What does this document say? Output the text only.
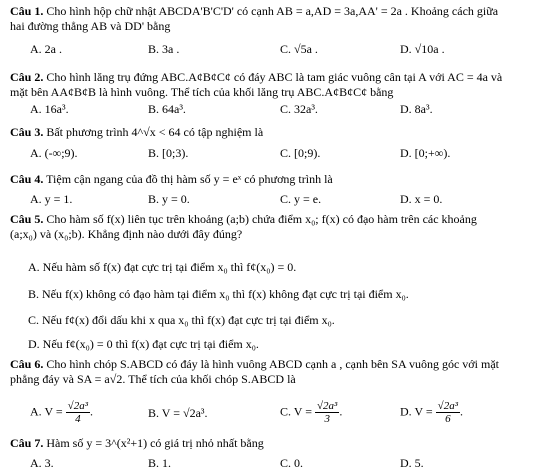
Câu 1. Cho hình hộp chữ nhật ABCDA'B'C'D' có cạnh AB = a,AD = 3a,AA' = 2a . Khoảng cách giữa
hai đường thẳng AB và DD' bằng
A. 2a .	B. 3a .	C. √5a .	D. √10a .
Câu 2. Cho hình lăng trụ đứng ABC.A¢B¢C¢ có đáy ABC là tam giác vuông cân tại A với AC = 4a và
mặt bên AA¢B¢B là hình vuông. Thể tích của khối lăng trụ ABC.A¢B¢C¢ bằng
A. 16a³.	B. 64a³.	C. 32a³.	D. 8a³.
Câu 3. Bất phương trình 4^√x < 64 có tập nghiệm là
A. (-∞;9).	B. [0;3).	C. [0;9).	D. [0;+∞).
Câu 4. Tiệm cận ngang của đồ thị hàm số y = eˣ có phương trình là
A. y = 1.	B. y = 0.	C. y = e.	D. x = 0.
Câu 5. Cho hàm số f(x) liên tục trên khoảng (a;b) chứa điểm x₀; f(x) có đạo hàm trên các khoảng
(a;x₀) và (x₀;b). Khẳng định nào dưới đây đúng?
A. Nếu hàm số f(x) đạt cực trị tại điểm x₀ thì f¢(x₀) = 0.
B. Nếu f(x) không có đạo hàm tại điểm x₀ thì f(x) không đạt cực trị tại điểm x₀.
C. Nếu f¢(x) đổi dấu khi x qua x₀ thì f(x) đạt cực trị tại điểm x₀.
D. Nếu f¢(x₀) = 0 thì f(x) đạt cực trị tại điểm x₀.
Câu 6. Cho hình chóp S.ABCD có đáy là hình vuông ABCD cạnh a , cạnh bên SA vuông góc với mặt
phẳng đáy và SA = a√2. Thể tích của khối chóp S.ABCD là
A. $V = \frac{\text{√2a³}}{4}$ .	B. V = √2a³.	C. $V = \frac{\text{√2a³}}{3}$ .	D. $V = \frac{\text{√2a³}}{6}$ .
Câu 7. Hàm số y = 3^(x²+1) có giá trị nhỏ nhất bằng
A. 3.	B. 1.	C. 0.	D. 5.
